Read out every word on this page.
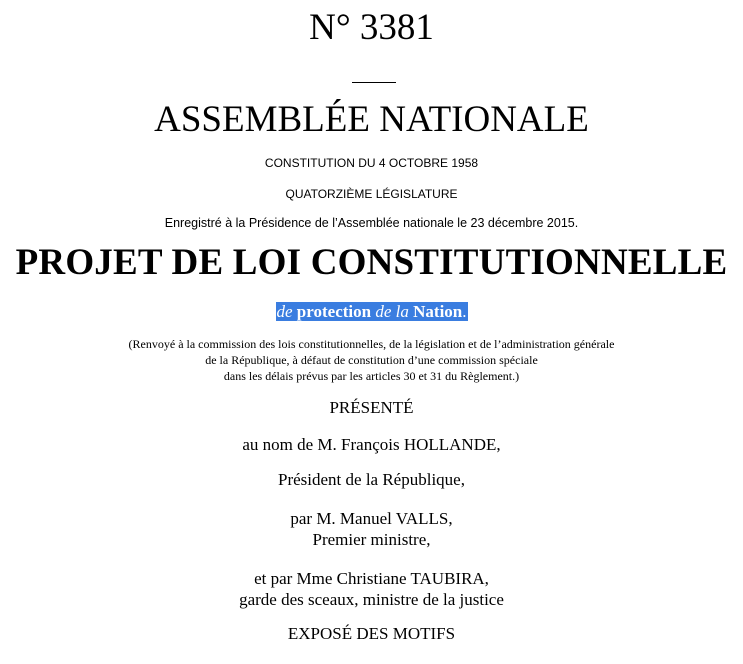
N° 3381
ASSEMBLÉE NATIONALE
CONSTITUTION DU 4 OCTOBRE 1958
QUATORZIÈME LÉGISLATURE
Enregistré à la Présidence de l’Assemblée nationale le 23 décembre 2015.
PROJET DE LOI CONSTITUTIONNELLE
de protection de la Nation.
(Renvoyé à la commission des lois constitutionnelles, de la législation et de l’administration générale
de la République, à défaut de constitution d’une commission spéciale
dans les délais prévus par les articles 30 et 31 du Règlement.)
PRÉSENTÉ
au nom de M. François HOLLANDE,
Président de la République,
par M. Manuel VALLS,
Premier ministre,
et par Mme Christiane TAUBIRA,
garde des sceaux, ministre de la justice
EXPOSÉ DES MOTIFS
